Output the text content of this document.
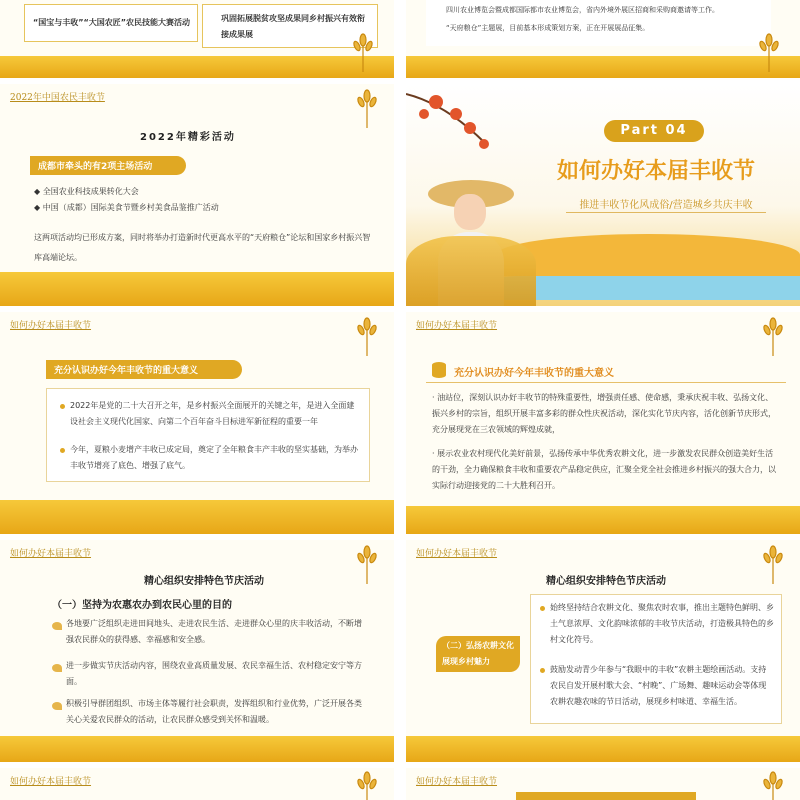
“国宝与丰收”“大国农匠”农民技能大赛活动	巩固拓展脱贫攻坚成果同乡村振兴有效衔接成果展
四川农业博览会暨成都国际都市农业博览会，省内外境外展区招商和采购商邀请等工作。
“天府粮仓”主题展，目前基本形成策划方案，正在开展展品征集。
2022年中国农民丰收节
2022年精彩活动
成都市牵头的有2项主场活动
◆ 全国农业科技成果转化大会
◆ 中国（成都）国际美食节暨乡村美食品鉴推广活动
这两项活动均已形成方案，同时将举办打造新时代更高水平的“天府粮仓”论坛和国家乡村振兴智库高端论坛。
Part 04
如何办好本届丰收节
推进丰收节化风成俗/营造城乡共庆丰收
如何办好本届丰收节
充分认识办好今年丰收节的重大意义
2022年是党的二十大召开之年，是乡村振兴全面展开的关键之年，是进入全面建设社会主义现代化国家、向第二个百年奋斗目标进军新征程的重要一年
今年，夏粮小麦增产丰收已成定局，奠定了全年粮食丰产丰收的坚实基础，为举办丰收节增亮了底色、增强了底气。
如何办好本届丰收节
充分认识办好今年丰收节的重大意义
· 油站位，深刻认识办好丰收节的特殊重要性，增强责任感、使命感，秉承庆祝丰收、弘扬文化、振兴乡村的宗旨，组织开展丰富多彩的群众性庆祝活动，深化实化节庆内容，活化创新节庆形式，充分展现党在三农领域的辉煌成就，
· 展示农业农村现代化美好前景，弘扬传承中华优秀农耕文化，进一步激发农民群众创造美好生活的干劲，全力确保粮食丰收和重要农产品稳定供应，汇聚全党全社会推进乡村振兴的强大合力，以实际行动迎接党的二十大胜利召开。
如何办好本届丰收节
精心组织安排特色节庆活动
（一）坚持为农惠农办到农民心里的目的
各地要广泛组织走进田间地头、走进农民生活、走进群众心里的庆丰收活动，不断增强农民群众的获得感、幸福感和安全感。
进一步做实节庆活动内容，围绕农业高质量发展、农民幸福生活、农村稳定安宁等方面。
积极引导群团组织、市场主体等履行社会职责，发挥组织和行业优势，广泛开展各类关心关爱农民群众的活动，让农民群众感受到关怀和温暖。
如何办好本届丰收节
精心组织安排特色节庆活动
（二）弘扬农耕文化展现乡村魅力
始终坚持结合农耕文化、聚焦农时农事，推出主题特色鲜明、乡土气息浓厚、文化韵味浓郁的丰收节庆活动，打造极具特色的乡村文化符号。
鼓励发动青少年参与“我眼中的丰收”农耕主题绘画活动。支持农民自发开展村歌大会、“村晚”、广场舞、趣味运动会等体现农耕农趣农味的节日活动，展现乡村味道、幸福生活。
如何办好本届丰收节	如何办好本届丰收节
